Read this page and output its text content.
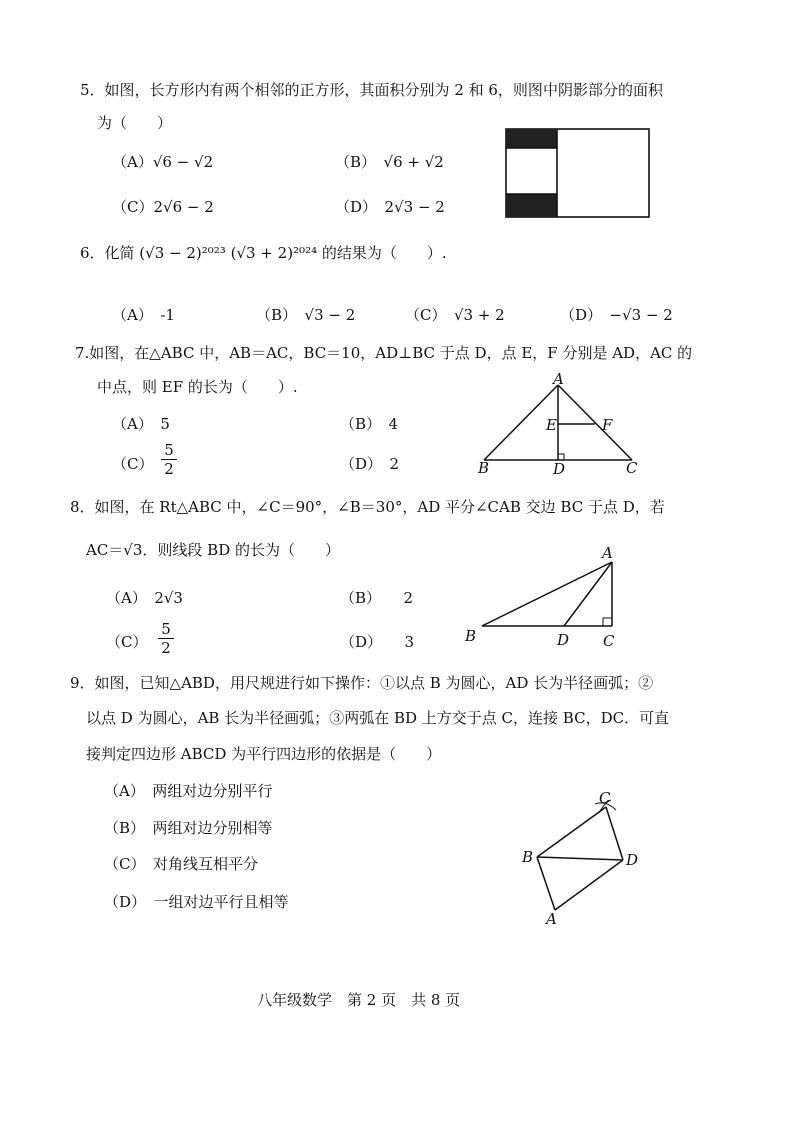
5．如图，长方形内有两个相邻的正方形，其面积分别为 2 和 6，则图中阴影部分的面积
为（　　）
（A）√6 − √2	（B）　√6 + √2
（C）2√6 − 2	（D）　2√3 − 2
6．化简 (√3 − 2)²⁰²³ (√3 + 2)²⁰²⁴ 的结果为（　　）.
（A）　-1	（B）　√3 − 2	（C）　√3 + 2	（D）　−√3 − 2
7.如图，在△ABC 中，AB＝AC，BC＝10，AD⊥BC 于点 D，点 E，F 分别是 AD，AC 的
中点，则 EF 的长为（　　）.
（A）　5	（B）　4
$(C) \frac{5}{2}$	（D）　2
A
B	C
D
E	F
8．如图，在 Rt△ABC 中，∠C＝90°，∠B＝30°，AD 平分∠CAB 交边 BC 于点 D，若
AC＝√3．则线段 BD 的长为（　　）
（A）　2√3	（B）　　2
$(C) \frac{5}{2}$	（D）　　3
A
B	C
D
9．如图，已知△ABD，用尺规进行如下操作：①以点 B 为圆心，AD 长为半径画弧；②
以点 D 为圆心，AB 长为半径画弧；③两弧在 BD 上方交于点 C，连接 BC，DC．可直
接判定四边形 ABCD 为平行四边形的依据是（　　）
（A）　两组对边分别平行
（B）　两组对边分别相等
（C）　对角线互相平分
（D）　一组对边平行且相等
C
B	D
A
八年级数学　第 2 页　共 8 页
